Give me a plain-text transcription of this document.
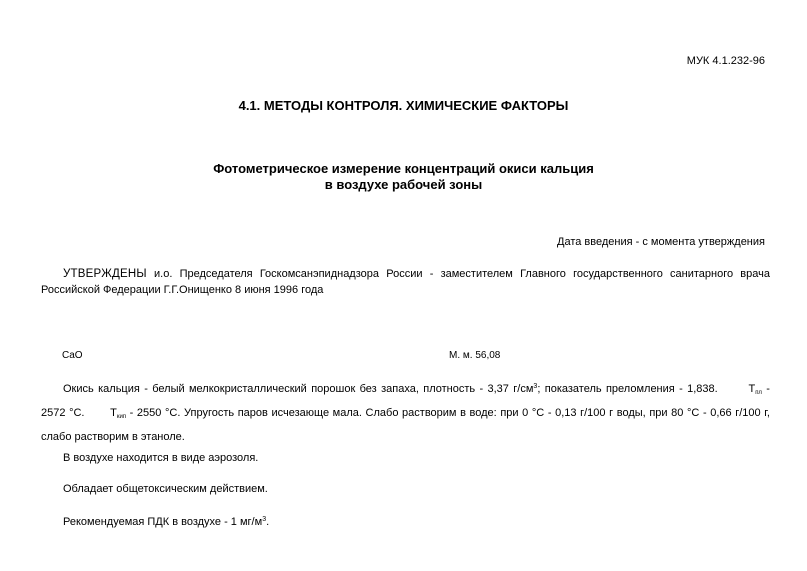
МУК 4.1.232-96
4.1. МЕТОДЫ КОНТРОЛЯ. ХИМИЧЕСКИЕ ФАКТОРЫ
Фотометрическое измерение концентраций окиси кальция
в воздухе рабочей зоны
Дата введения - с момента утверждения

УТВЕРЖДЕНЫ и.о. Председателя Госкомсанэпиднадзора России - заместителем Главного государственного санитарного врача Российской Федерации Г.Г.Онищенко 8 июня 1996 года

CaO	М. м. 56,08

Окись кальция - белый мелкокристаллический порошок без запаха, плотность - 3,37 $г/см^3$; показатель преломления - 1,838.	$T_{пл} - 2572$ °С. $T_{кип} - 2550$ °С. Упругость паров исчезающе мала. Слабо растворим в воде: при 0 °С - 0,13 г/100 г воды, при 80 °С - 0,66 г/100 г, слабо растворим в этаноле.

В воздухе находится в виде аэрозоля.

Обладает общетоксическим действием.

Рекомендуемая ПДК в воздухе - 1 $мг/м^3$.
